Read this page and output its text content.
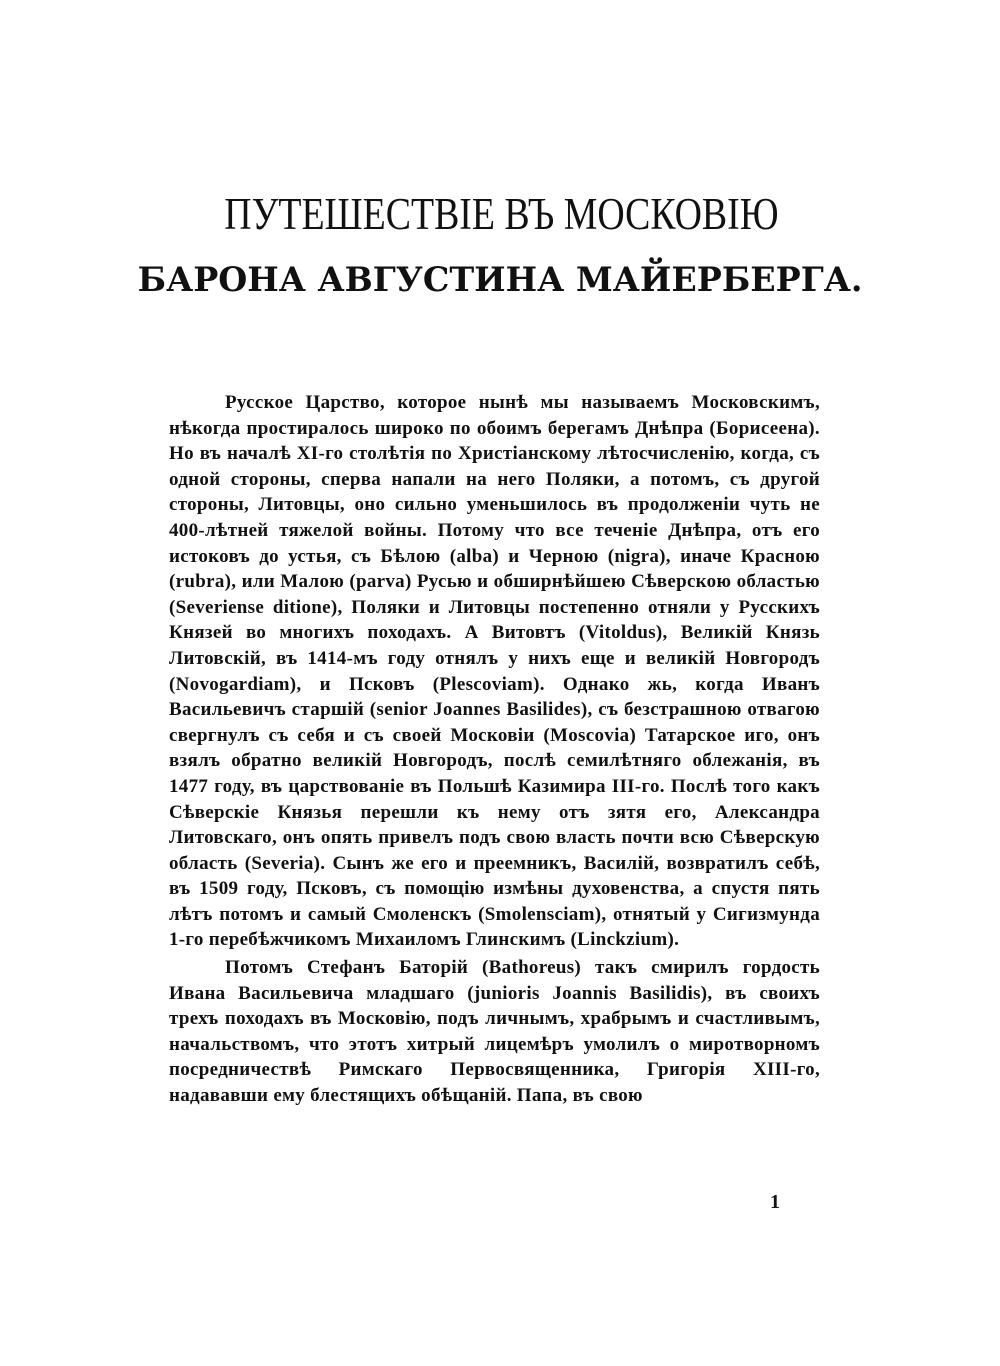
ПУТЕШЕСТВІЕ ВЪ МОСКОВІЮ
БАРОНА АВГУСТИНА МАЙЕРБЕРГА.

Русское Царство, которое нынѣ мы называемъ Московскимъ, нѣкогда простиралось широко по обоимъ берегамъ Днѣпра (Борисеена). Но въ началѣ XI-го столѣтія по Христіанскому лѣтосчисленію, когда, съ одной стороны, сперва напали на него Поляки, а потомъ, съ другой стороны, Литовцы, оно сильно уменьшилось въ продолженіи чуть не 400-лѣтней тяжелой войны. Потому что все теченіе Днѣпра, отъ его истоковъ до устья, съ Бѣлою (alba) и Черною (nigra), иначе Красною (rubra), или Малою (parva) Русью и обширнѣйшею Сѣверскою областью (Severiense ditione), Поляки и Литовцы постепенно отняли у Русскихъ Князей во многихъ походахъ. А Витовтъ (Vitoldus), Великій Князь Литовскій, въ 1414-мъ году отнялъ у нихъ еще и великій Новгородъ (Novogardiam), и Псковъ (Plescoviam). Однако жь, когда Иванъ Васильевичъ старшій (senior Joannes Basilides), съ безстрашною отвагою свергнулъ съ себя и съ своей Московіи (Moscovia) Татарское иго, онъ взялъ обратно великій Новгородъ, послѣ семилѣтняго облежанія, въ 1477 году, въ царствованіе въ Польшѣ Казимира III-го. Послѣ того какъ Сѣверскіе Князья перешли къ нему отъ зятя его, Александра Литовскаго, онъ опять привелъ подъ свою власть почти всю Сѣверскую область (Severia). Сынъ же его и преемникъ, Василій, возвратилъ себѣ, въ 1509 году, Псковъ, съ помощію измѣны духовенства, а спустя пять лѣтъ потомъ и самый Смоленскъ (Smolensciam), отнятый у Сигизмунда 1-го перебѣжчикомъ Михаиломъ Глинскимъ (Linckzium).

Потомъ Стефанъ Баторій (Bathoreus) такъ смирилъ гордость Ивана Васильевича младшаго (junioris Joannis Basilidis), въ своихъ трехъ походахъ въ Московію, подъ личнымъ, храбрымъ и счастливымъ, начальствомъ, что этотъ хитрый лицемѣръ умолилъ о миротворномъ посредничествѣ Римскаго Первосвященника, Григорія XIII-го, надававши ему блестящихъ обѣщаній. Папа, въ свою

1
